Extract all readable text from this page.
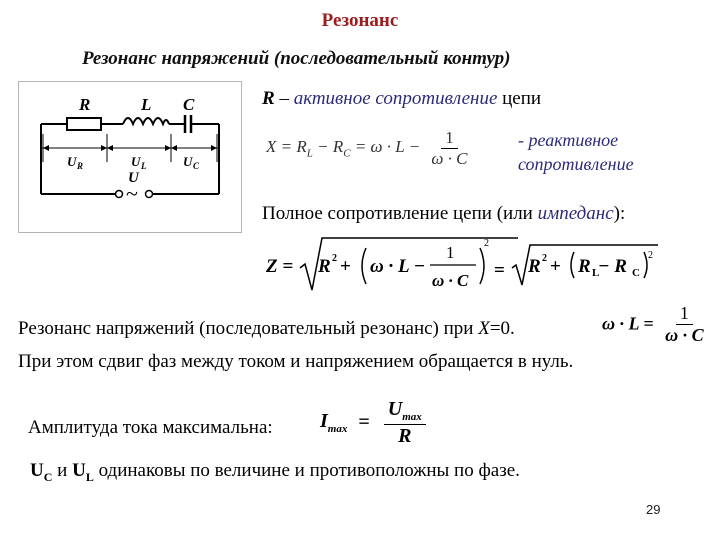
Резонанс
Резонанс напряжений (последовательный контур)
R	L C
U R	U L	U C
U
~
R – активное сопротивление цепи
$X = R_L - R_C = \omega \cdot L - \frac{1}{\omega \cdot C}$	- реактивное
сопротивление
Полное сопротивление цепи (или импеданс):
Z = R 2 + ω · L −
1
ω · C
2
= R 2 + R L
− R C
2
Резонанс напряжений (последовательный резонанс) при X=0.	$\omega \cdot L = \frac{1}{\omega \cdot C}$
При этом сдвиг фаз между током и напряжением обращается в нуль.
Амплитуда тока максимальна: $I_{max} = \frac{U_{max}}{R}$
$U_C$ и $U_L$ одинаковы по величине и противоположны по фазе.
29
